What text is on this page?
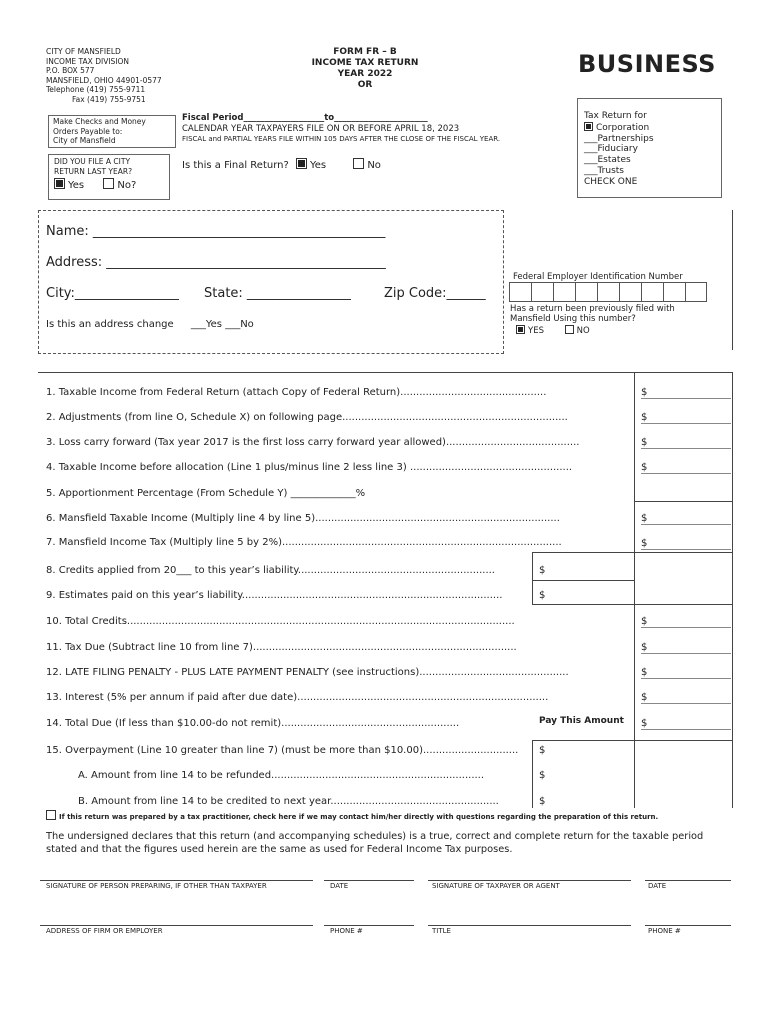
CITY OF MANSFIELD
INCOME TAX DIVISION
P.O. BOX 577
MANSFIELD, OHIO 44901-0577
Telephone (419) 755-9711
Fax (419) 755-9751
FORM FR – B
INCOME TAX RETURN
YEAR 2022
OR
BUSINESS
Make Checks and Money
Orders Payable to:
City of Mansfield
Fiscal Period___________________to______________________
CALENDAR YEAR TAXPAYERS FILE ON OR BEFORE APRIL 18, 2023
FISCAL and PARTIAL YEARS FILE WITHIN 105 DAYS AFTER THE CLOSE OF THE FISCAL YEAR.
Is this a Final Return? Yes	No
DID YOU FILE A CITY
RETURN LAST YEAR?
Yes	No?
Tax Return for
Corporation
___Partnerships
___Fiduciary
___Estates
___Trusts
CHECK ONE
Name: _____________________________________________
Address: ___________________________________________
City:________________ State: ________________	Zip Code:______
Is this an address change ___Yes ___No
Federal Employer Identification Number
Has a return been previously filed with
Mansfield Using this number?
YES	NO
1. Taxable Income from Federal Return (attach Copy of Federal Return)..............................................	$
2. Adjustments (from line O, Schedule X) on following page.......................................................................	$
3. Loss carry forward (Tax year 2017 is the first loss carry forward year allowed)..........................................	$
4. Taxable Income before allocation (Line 1 plus/minus line 2 less line 3) ...................................................	$
5. Apportionment Percentage (From Schedule Y) _____________%
6. Mansfield Taxable Income (Multiply line 4 by line 5).............................................................................	$
7. Mansfield Income Tax (Multiply line 5 by 2%)........................................................................................	$
8. Credits applied from 20___ to this year’s liability..............................................................	$
9. Estimates paid on this year’s liability..................................................................................	$
10. Total Credits..........................................................................................................................	$
11. Tax Due (Subtract line 10 from line 7)...................................................................................	$
12. LATE FILING PENALTY - PLUS LATE PAYMENT PENALTY (see instructions)...............................................	$
13. Interest (5% per annum if paid after due date)...............................................................................	$
14. Total Due (If less than $10.00-do not remit)........................................................	Pay This Amount $
15. Overpayment (Line 10 greater than line 7) (must be more than $10.00).............................. $
A. Amount from line 14 to be refunded...................................................................	$
B. Amount from line 14 to be credited to next year.....................................................	$
If this return was prepared by a tax practitioner, check here if we may contact him/her directly with questions regarding the preparation of this return.
The undersigned declares that this return (and accompanying schedules) is a true, correct and complete return for the taxable period stated and that the figures used herein are the same as used for Federal Income Tax purposes.
SIGNATURE OF PERSON PREPARING, IF OTHER THAN TAXPAYER	DATE	SIGNATURE OF TAXPAYER OR AGENT	DATE
ADDRESS OF FIRM OR EMPLOYER	PHONE #	TITLE	PHONE #
